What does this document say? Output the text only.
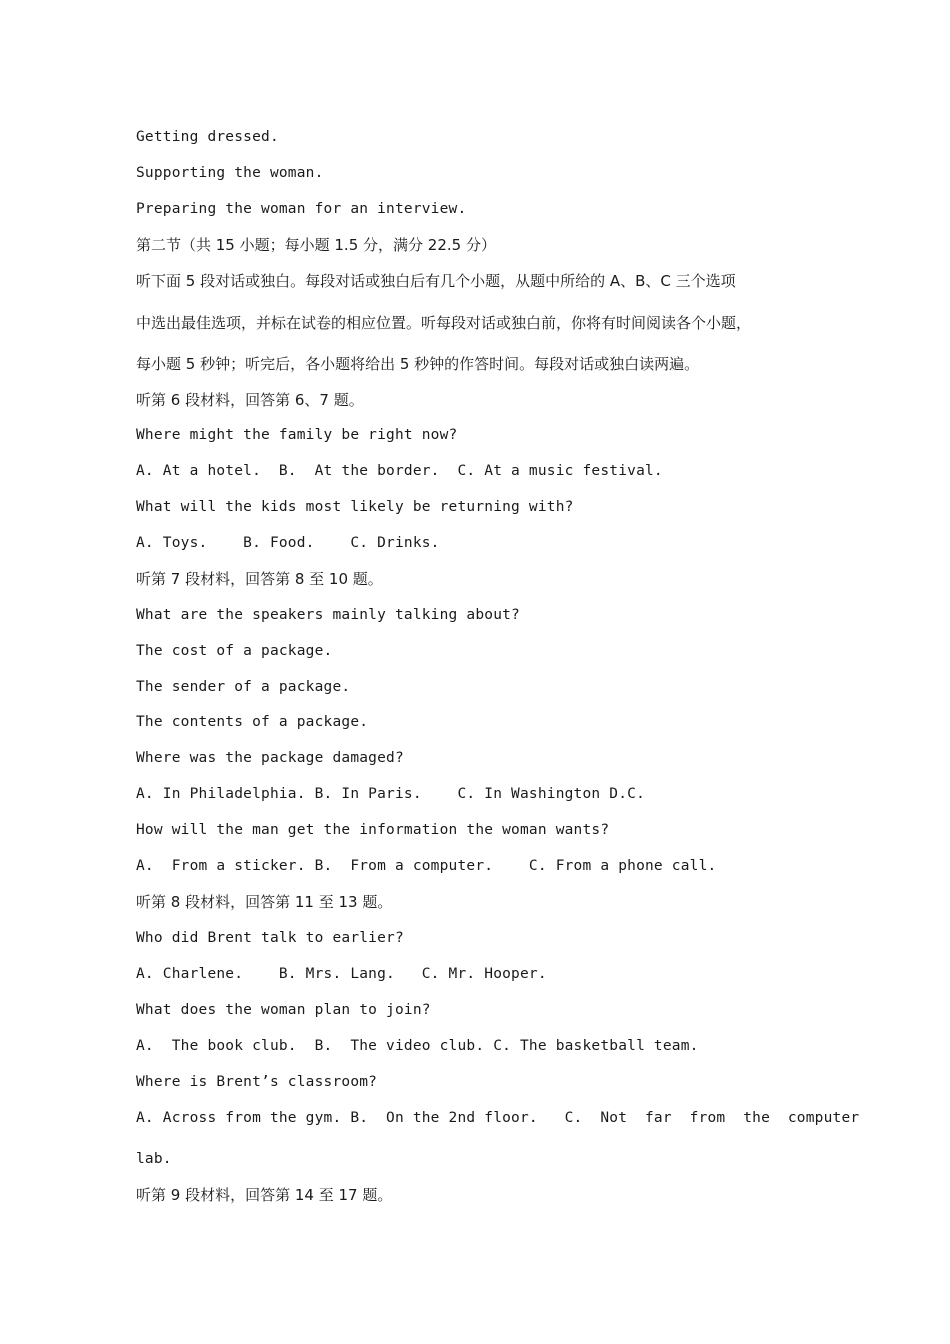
Getting dressed.
Supporting the woman.
Preparing the woman for an interview.
第二节（共 15 小题；每小题 1.5 分，满分 22.5 分）
听下面 5 段对话或独白。每段对话或独白后有几个小题，从题中所给的 A、B、C 三个选项
中选出最佳选项，并标在试卷的相应位置。听每段对话或独白前，你将有时间阅读各个小题，
每小题 5 秒钟；听完后，各小题将给出 5 秒钟的作答时间。每段对话或独白读两遍。
听第 6 段材料，回答第 6、7 题。
Where might the family be right now?
A. At a hotel.  B.  At the border.  C. At a music festival.
What will the kids most likely be returning with?
A. Toys.    B. Food.    C. Drinks.
听第 7 段材料，回答第 8 至 10 题。
What are the speakers mainly talking about?
The cost of a package.
The sender of a package.
The contents of a package.
Where was the package damaged?
A. In Philadelphia. B. In Paris.    C. In Washington D.C.
How will the man get the information the woman wants?
A.  From a sticker. B.  From a computer.    C. From a phone call.
听第 8 段材料，回答第 11 至 13 题。
Who did Brent talk to earlier?
A. Charlene.    B. Mrs. Lang.   C. Mr. Hooper.
What does the woman plan to join?
A.  The book club.  B.  The video club. C. The basketball team.
Where is Brent’s classroom?
A. Across from the gym. B.  On the 2nd floor.   C.  Not  far  from  the  computer
lab.
听第 9 段材料，回答第 14 至 17 题。
